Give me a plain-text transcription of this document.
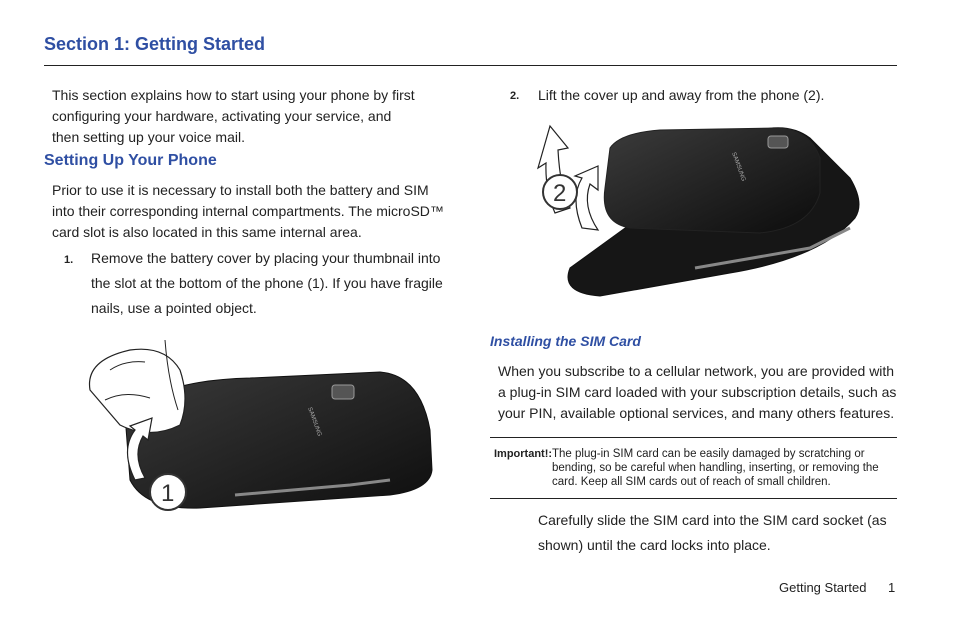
Section 1: Getting Started
This section explains how to start using your phone by first configuring your hardware, activating your service, and then setting up your voice mail.
Setting Up Your Phone
Prior to use it is necessary to install both the battery and SIM into their corresponding internal compartments. The microSD™ card slot is also located in this same internal area.
1. Remove the battery cover by placing your thumbnail into the slot at the bottom of the phone (1). If you have fragile nails, use a pointed object.
SAMSUNG
1
2. Lift the cover up and away from the phone (2).
SAMSUNG
2
Installing the SIM Card
When you subscribe to a cellular network, you are provided with a plug-in SIM card loaded with your subscription details, such as your PIN, available optional services, and many others features.
Important!: The plug-in SIM card can be easily damaged by scratching or bending, so be careful when handling, inserting, or removing the card. Keep all SIM cards out of reach of small children.
Carefully slide the SIM card into the SIM card socket (as shown) until the card locks into place.
Getting Started 1
